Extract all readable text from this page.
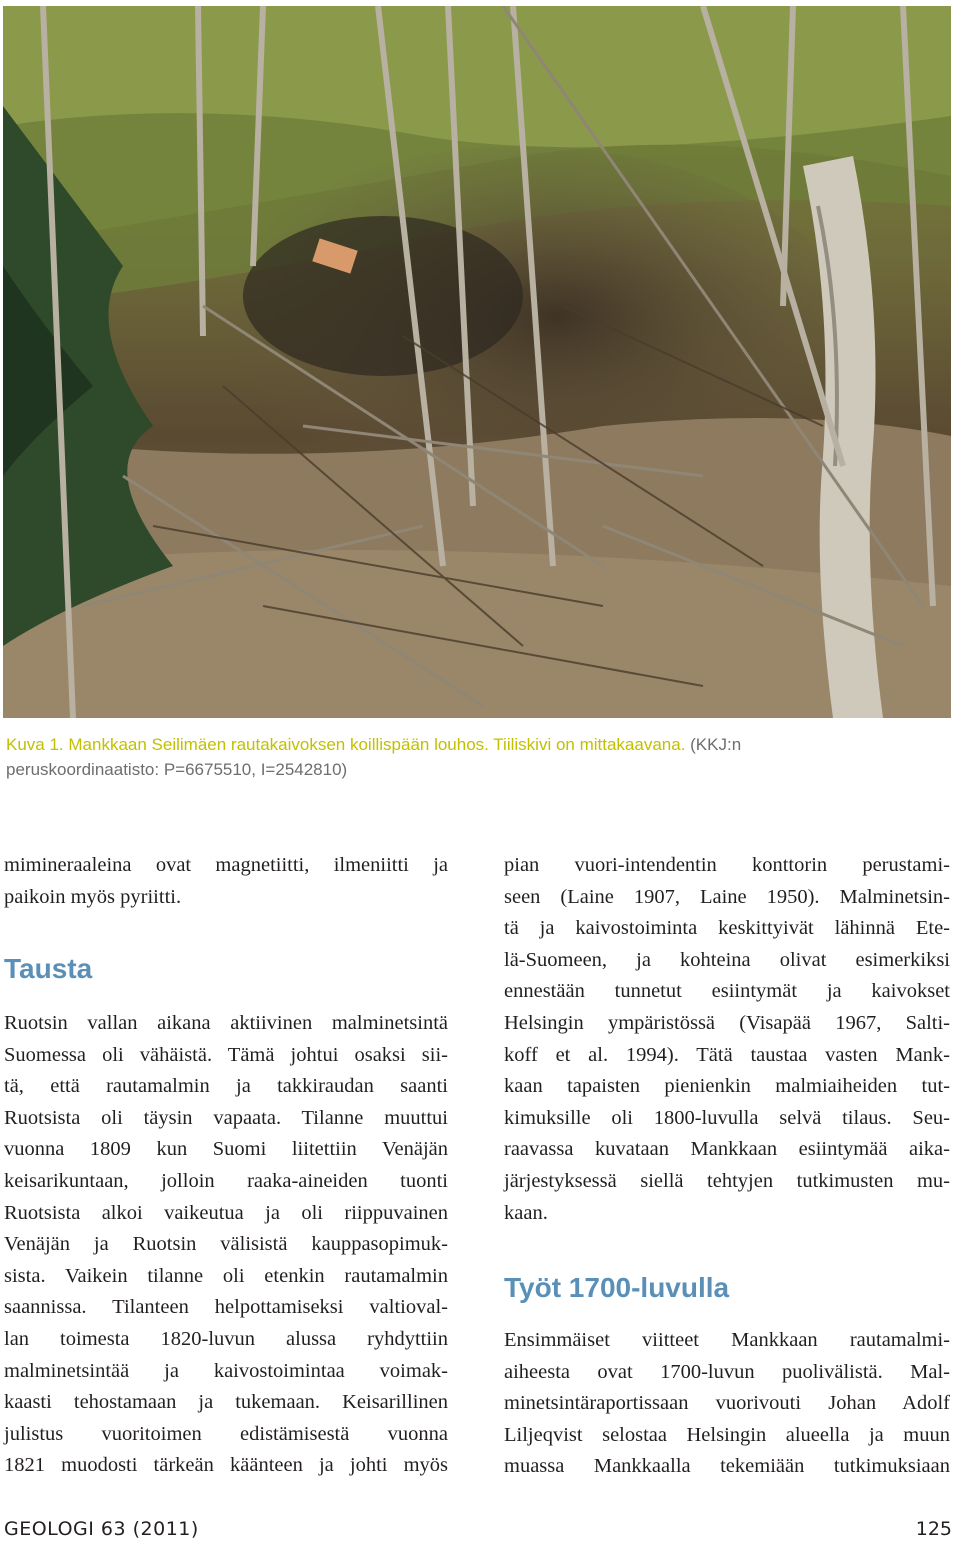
Kuva 1. Mankkaan Seilimäen rautakaivoksen koillispään louhos. Tiiliskivi on mittakaavana. (KKJ:n
peruskoordinaatisto: P=6675510, I=2542810)
mimineraaleina ovat magnetiitti, ilmeniitti ja
paikoin myös pyriitti.
Tausta
Ruotsin vallan aikana aktiivinen malminetsintä
Suomessa oli vähäistä. Tämä johtui osaksi sii-
tä, että rautamalmin ja takkiraudan saanti
Ruotsista oli täysin vapaata. Tilanne muuttui
vuonna 1809 kun Suomi liitettiin Venäjän
keisarikuntaan, jolloin raaka-aineiden tuonti
Ruotsista alkoi vaikeutua ja oli riippuvainen
Venäjän ja Ruotsin välisistä kauppasopimuk-
sista. Vaikein tilanne oli etenkin rautamalmin
saannissa. Tilanteen helpottamiseksi valtioval-
lan toimesta 1820-luvun alussa ryhdyttiin
malminetsintää ja kaivostoimintaa voimak-
kaasti tehostamaan ja tukemaan. Keisarillinen
julistus vuoritoimen edistämisestä vuonna
1821 muodosti tärkeän käänteen ja johti myös
pian vuori-intendentin konttorin perustami-
seen (Laine 1907, Laine 1950). Malminetsin-
tä ja kaivostoiminta keskittyivät lähinnä Ete-
lä-Suomeen, ja kohteina olivat esimerkiksi
ennestään tunnetut esiintymät ja kaivokset
Helsingin ympäristössä (Visapää 1967, Salti-
koff et al. 1994). Tätä taustaa vasten Mank-
kaan tapaisten pienienkin malmiaiheiden tut-
kimuksille oli 1800-luvulla selvä tilaus. Seu-
raavassa kuvataan Mankkaan esiintymää aika-
järjestyksessä siellä tehtyjen tutkimusten mu-
kaan.
Työt 1700-luvulla
Ensimmäiset viitteet Mankkaan rautamalmi-
aiheesta ovat 1700-luvun puolivälistä. Mal-
minetsintäraportissaan vuorivouti Johan Adolf
Liljeqvist selostaa Helsingin alueella ja muun
muassa Mankkaalla tekemiään tutkimuksiaan
GEOLOGI 63 (2011)	125
